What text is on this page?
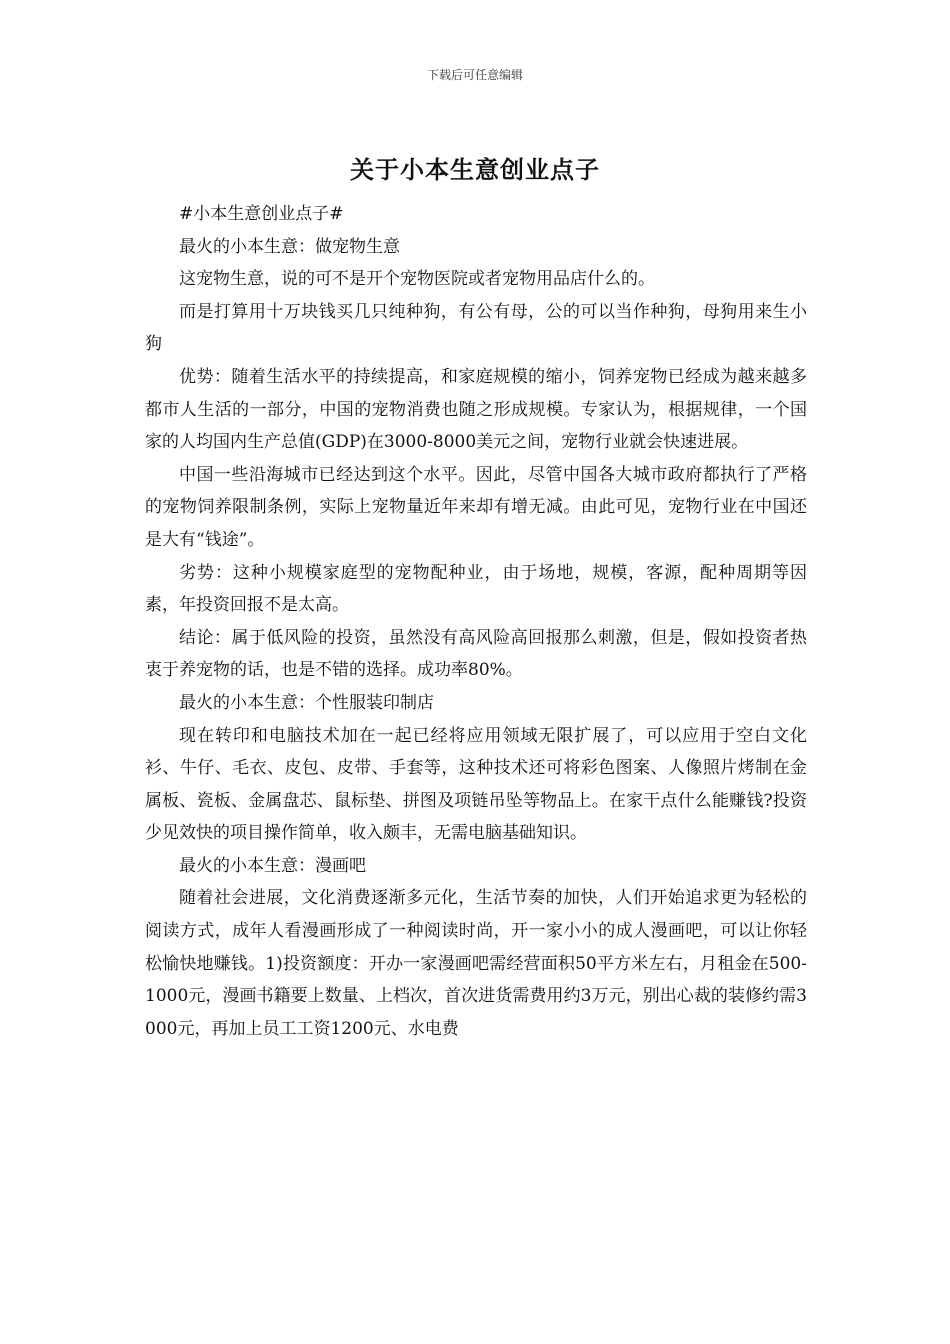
下载后可任意编辑
关于小本生意创业点子

#小本生意创业点子#

最火的小本生意：做宠物生意

这宠物生意，说的可不是开个宠物医院或者宠物用品店什么的。

而是打算用十万块钱买几只纯种狗，有公有母，公的可以当作种狗，母狗用来生小狗

优势：随着生活水平的持续提高，和家庭规模的缩小，饲养宠物已经成为越来越多都市人生活的一部分，中国的宠物消费也随之形成规模。专家认为，根据规律，一个国家的人均国内生产总值(GDP)在3000-8000美元之间，宠物行业就会快速进展。

中国一些沿海城市已经达到这个水平。因此，尽管中国各大城市政府都执行了严格的宠物饲养限制条例，实际上宠物量近年来却有增无减。由此可见，宠物行业在中国还是大有“钱途”。

劣势：这种小规模家庭型的宠物配种业，由于场地，规模，客源，配种周期等因素，年投资回报不是太高。

结论：属于低风险的投资，虽然没有高风险高回报那么刺激，但是，假如投资者热衷于养宠物的话，也是不错的选择。成功率80%。

最火的小本生意：个性服装印制店

现在转印和电脑技术加在一起已经将应用领域无限扩展了，可以应用于空白文化衫、牛仔、毛衣、皮包、皮带、手套等，这种技术还可将彩色图案、人像照片烤制在金属板、瓷板、金属盘芯、鼠标垫、拼图及项链吊坠等物品上。在家干点什么能赚钱?投资少见效快的项目操作简单，收入颇丰，无需电脑基础知识。

最火的小本生意：漫画吧

随着社会进展，文化消费逐渐多元化，生活节奏的加快，人们开始追求更为轻松的阅读方式，成年人看漫画形成了一种阅读时尚，开一家小小的成人漫画吧，可以让你轻松愉快地赚钱。1)投资额度：开办一家漫画吧需经营面积50平方米左右，月租金在500-1000元，漫画书籍要上数量、上档次，首次进货需费用约3万元，别出心裁的装修约需3000元，再加上员工工资1200元、水电费
